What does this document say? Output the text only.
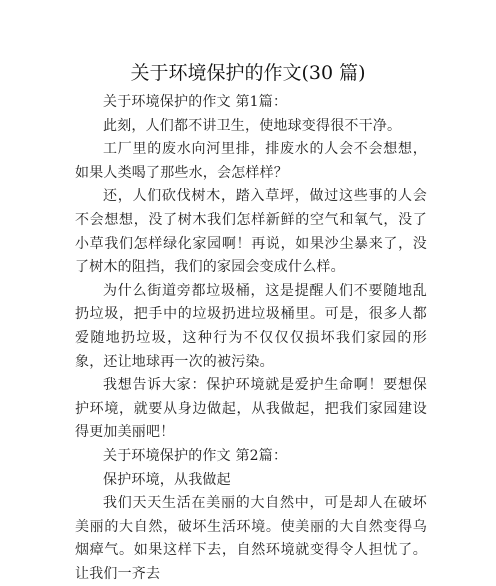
关于环境保护的作文(30 篇)

关于环境保护的作文 第1篇：

此刻，人们都不讲卫生，使地球变得很不干净。

工厂里的废水向河里排，排废水的人会不会想想，如果人类喝了那些水，会怎样样？

还，人们砍伐树木，踏入草坪，做过这些事的人会不会想想，没了树木我们怎样新鲜的空气和氧气，没了小草我们怎样绿化家园啊！再说，如果沙尘暴来了，没了树木的阻挡，我们的家园会变成什么样。

为什么街道旁都垃圾桶，这是提醒人们不要随地乱扔垃圾，把手中的垃圾扔进垃圾桶里。可是，很多人都爱随地扔垃圾，这种行为不仅仅仅损坏我们家园的形象，还让地球再一次的被污染。

我想告诉大家：保护环境就是爱护生命啊！要想保护环境，就要从身边做起，从我做起，把我们家园建设得更加美丽吧！

关于环境保护的作文 第2篇：

保护环境，从我做起

我们天天生活在美丽的大自然中，可是却人在破坏美丽的大自然，破坏生活环境。使美丽的大自然变得乌烟瘴气。如果这样下去，自然环境就变得令人担忧了。让我们一齐去
